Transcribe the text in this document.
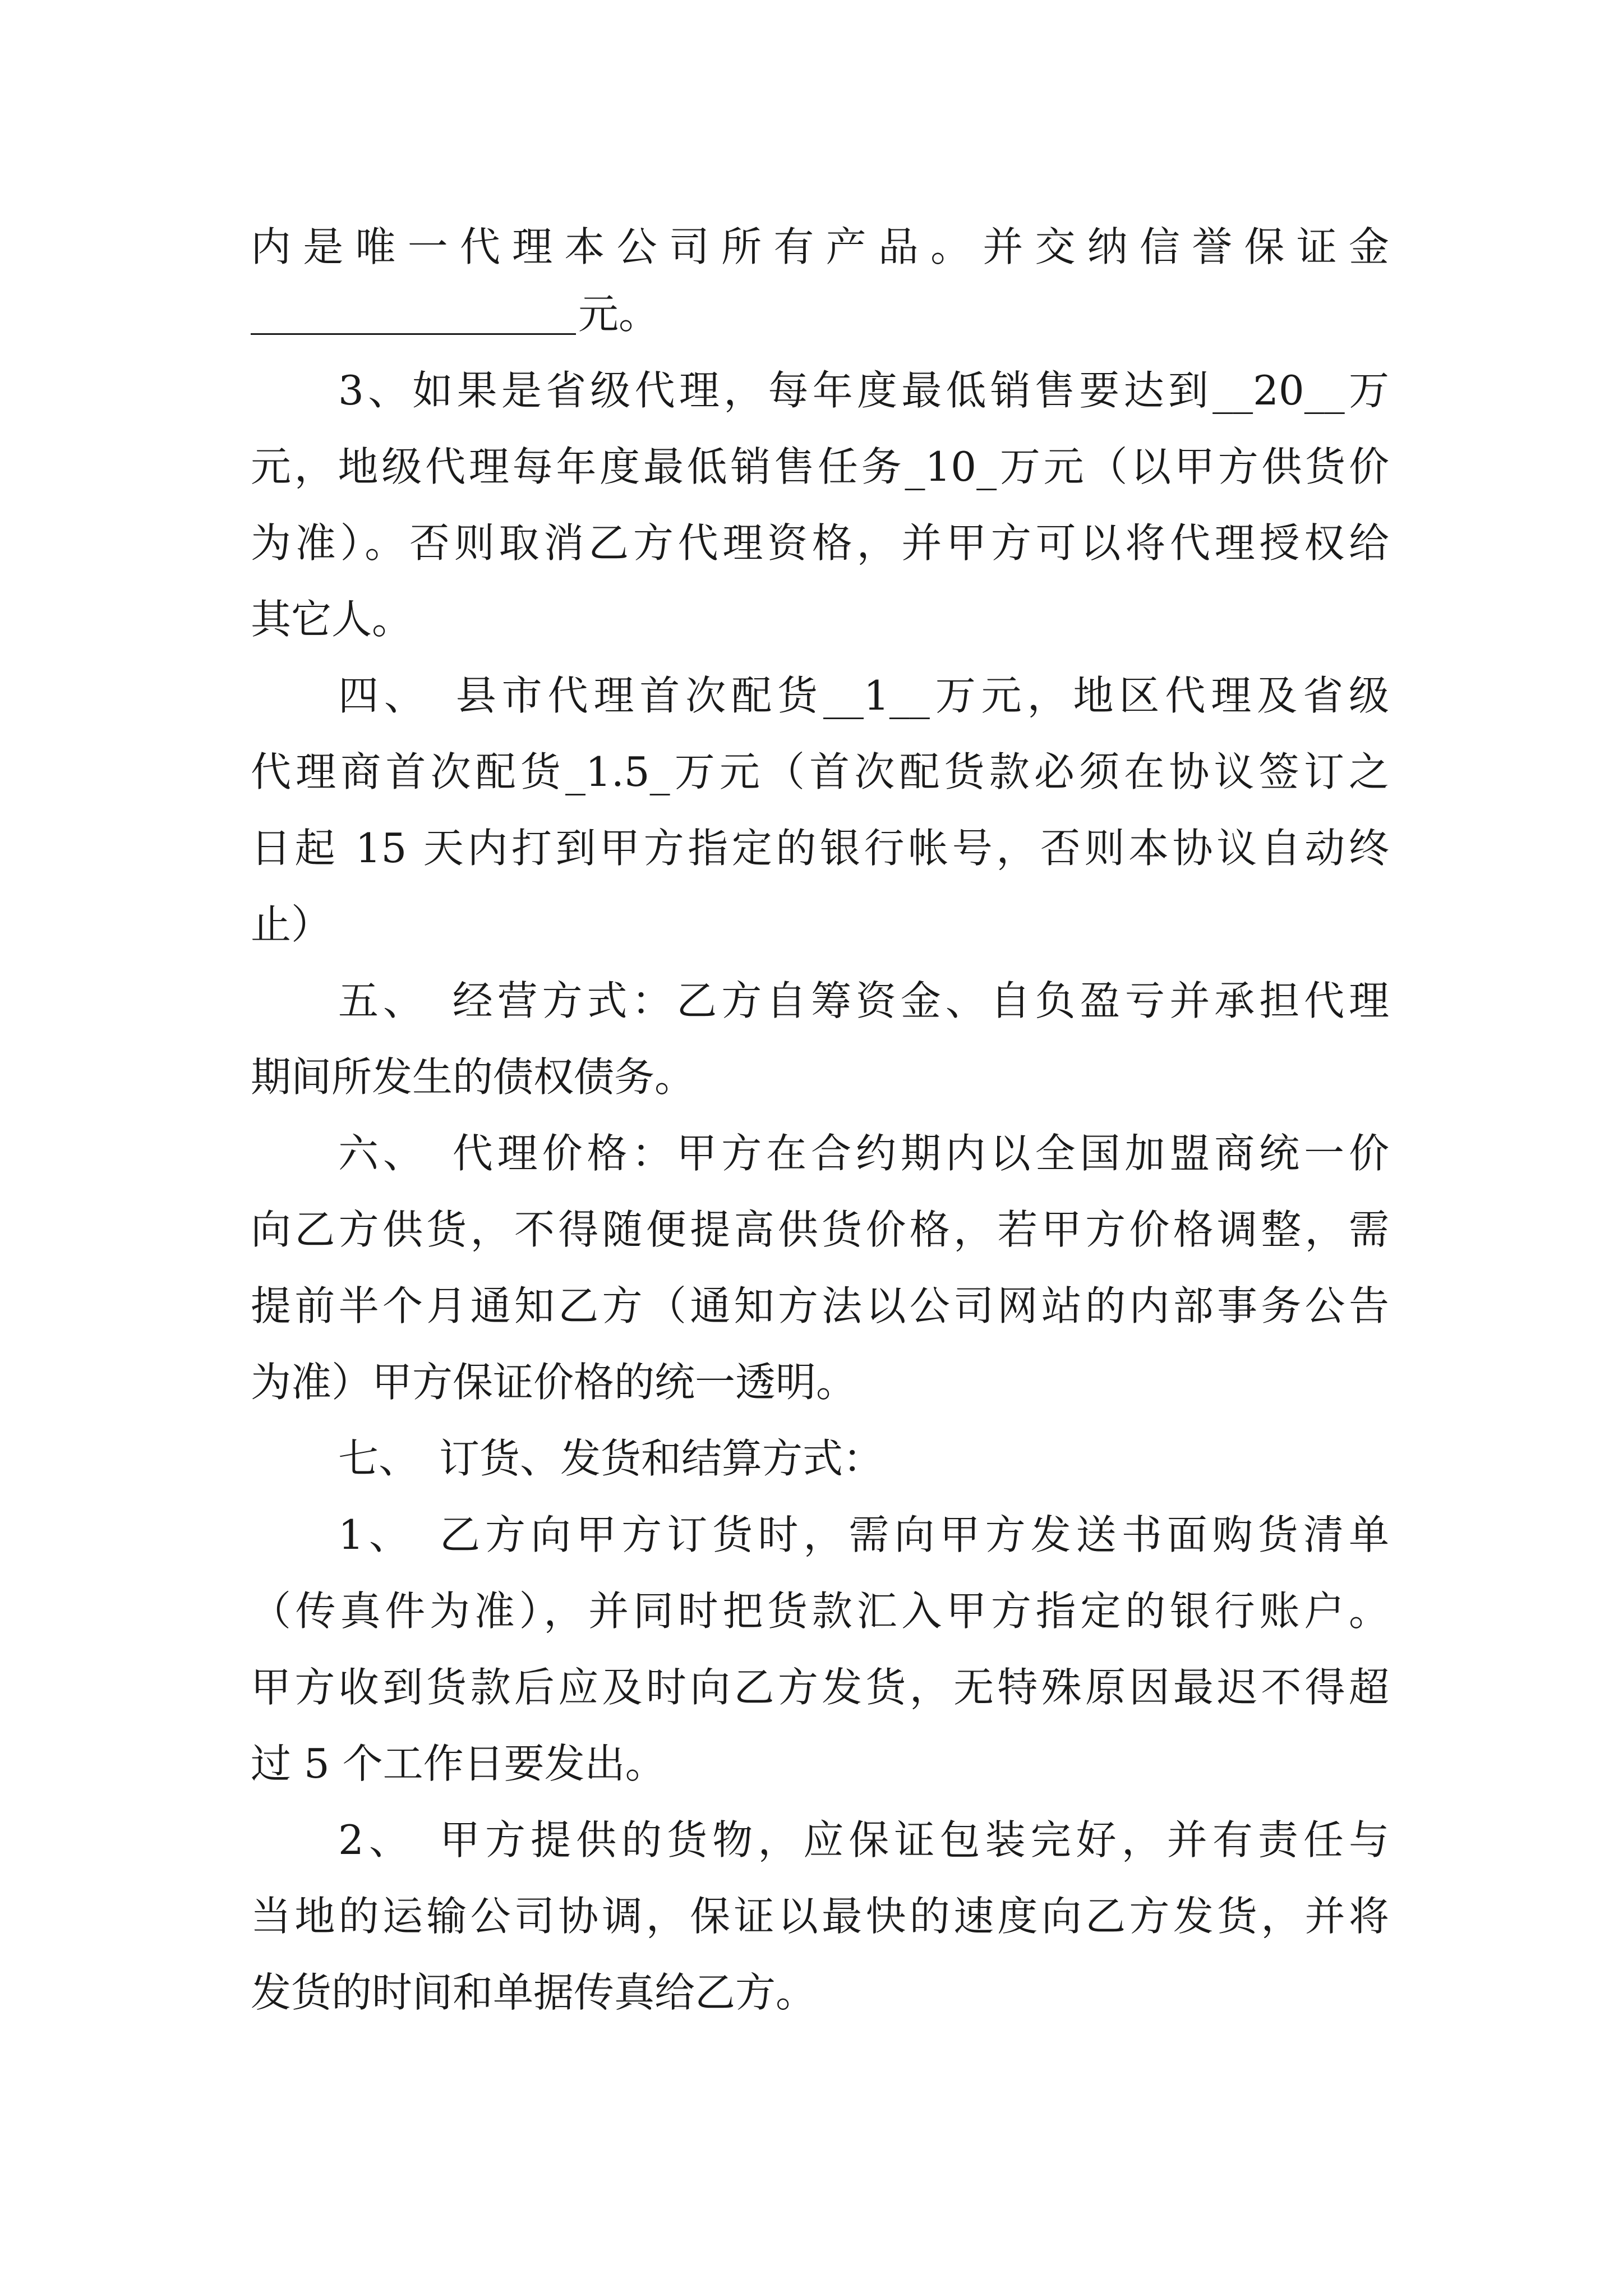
内是唯一代理本公司所有产品。并交纳信誉保证金
元。
3、如果是省级代理，每年度最低销售要达到__20__万
元，地级代理每年度最低销售任务_10_万元（以甲方供货价
为准）。否则取消乙方代理资格，并甲方可以将代理授权给
其它人。
四、　县市代理首次配货__1__万元，地区代理及省级
代理商首次配货_1.5_万元（首次配货款必须在协议签订之
日起 15 天内打到甲方指定的银行帐号，否则本协议自动终
止）
五、　经营方式：乙方自筹资金、自负盈亏并承担代理
期间所发生的债权债务。
六、　代理价格：甲方在合约期内以全国加盟商统一价
向乙方供货，不得随便提高供货价格，若甲方价格调整，需
提前半个月通知乙方（通知方法以公司网站的内部事务公告
为准）甲方保证价格的统一透明。
七、　订货、发货和结算方式：
1、　乙方向甲方订货时，需向甲方发送书面购货清单
（传真件为准），并同时把货款汇入甲方指定的银行账户。
甲方收到货款后应及时向乙方发货，无特殊原因最迟不得超
过 5 个工作日要发出。
2、　甲方提供的货物，应保证包装完好，并有责任与
当地的运输公司协调，保证以最快的速度向乙方发货，并将
发货的时间和单据传真给乙方。
